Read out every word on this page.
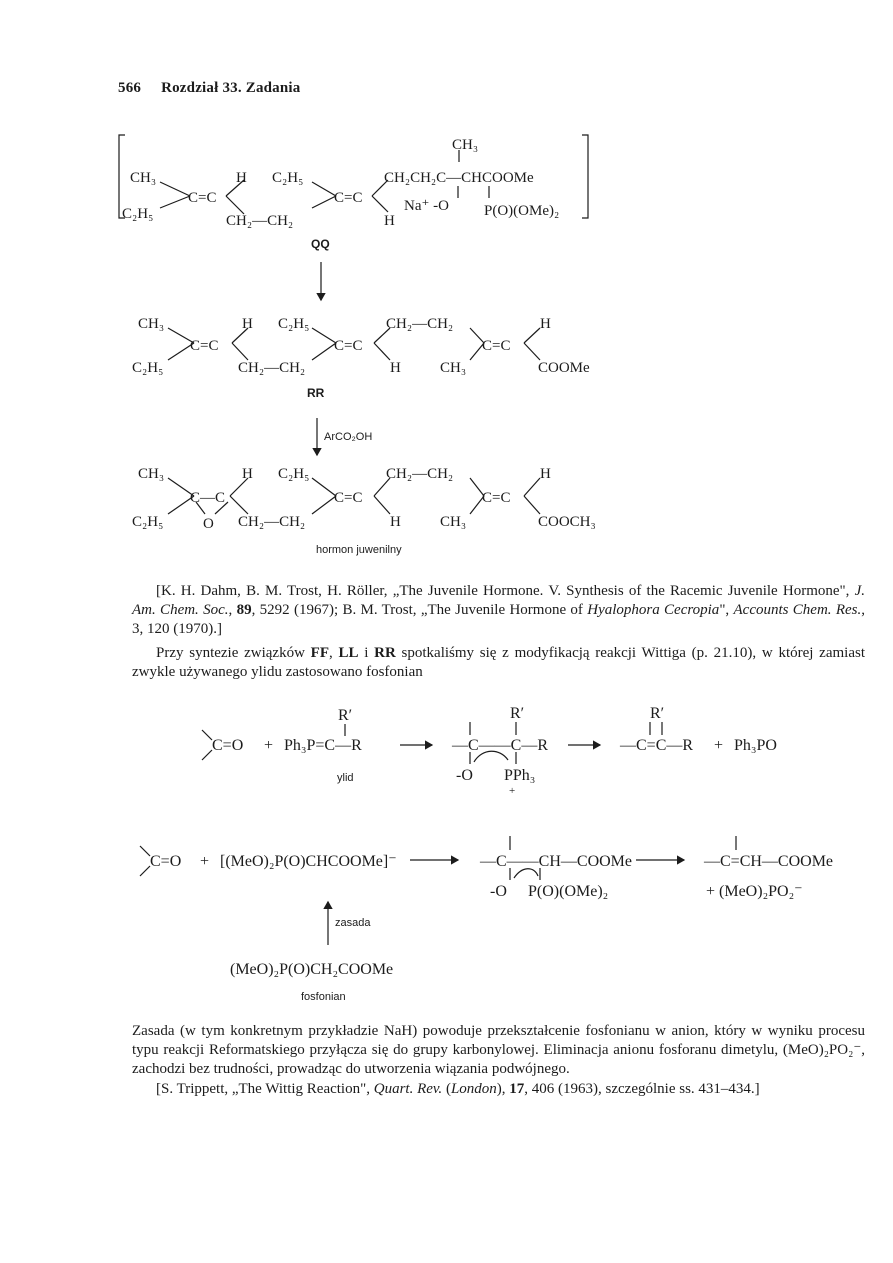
566 Rozdział 33. Zadania
CH₃
CH₃
C₂H₅
C=C
H C₂H₅
CH₂—CH₂
C=C
H
CH₂CH₂C—CHCOOMe
Na⁺ -O P(O)(OMe)₂
QQ
CH₃
C₂H₅
C=C
H C₂H₅
CH₂—CH₂
C=C
H
CH₂—CH₂
C=C
H
CH₃	COOMe
RR
ArCO₂OH
CH₃
C₂H₅
C—C
O
H C₂H₅
CH₂—CH₂
C=C
H
CH₂—CH₂
C=C
H
CH₃	COOCH₃
hormon juwenilny
R′
C=O + Ph₃P=C—R
R′
—C——C—R
-O PPh₃
R′
—C=C—R + Ph₃PO
+
ylid
C=O + [(MeO)₂P(O)CHCOOMe]⁻	—C——CH—COOMe
-O P(O)(OMe)₂
—C=CH—COOMe
+ (MeO)₂PO₂⁻
(MeO)₂P(O)CH₂COOMe
zasada
fosfonian
[K. H. Dahm, B. M. Trost, H. Röller, „The Juvenile Hormone. V. Synthesis of the Racemic Juvenile Hormone", J. Am. Chem. Soc., 89, 5292 (1967); B. M. Trost, „The Juvenile Hormone of Hyalophora Cecropia", Accounts Chem. Res., 3, 120 (1970).]
Przy syntezie związków FF, LL i RR spotkaliśmy się z modyfikacją reakcji Wittiga (p. 21.10), w której zamiast zwykle używanego ylidu zastosowano fosfonian
Zasada (w tym konkretnym przykładzie NaH) powoduje przekształcenie fosfonianu w anion, który w wyniku procesu typu reakcji Reformatskiego przyłącza się do grupy karbonylowej. Eliminacja anionu fosforanu dimetylu, (MeO)₂PO₂⁻, zachodzi bez trudności, prowadząc do utworzenia wiązania podwójnego.
[S. Trippett, „The Wittig Reaction", Quart. Rev. (London), 17, 406 (1963), szczególnie ss. 431–434.]
